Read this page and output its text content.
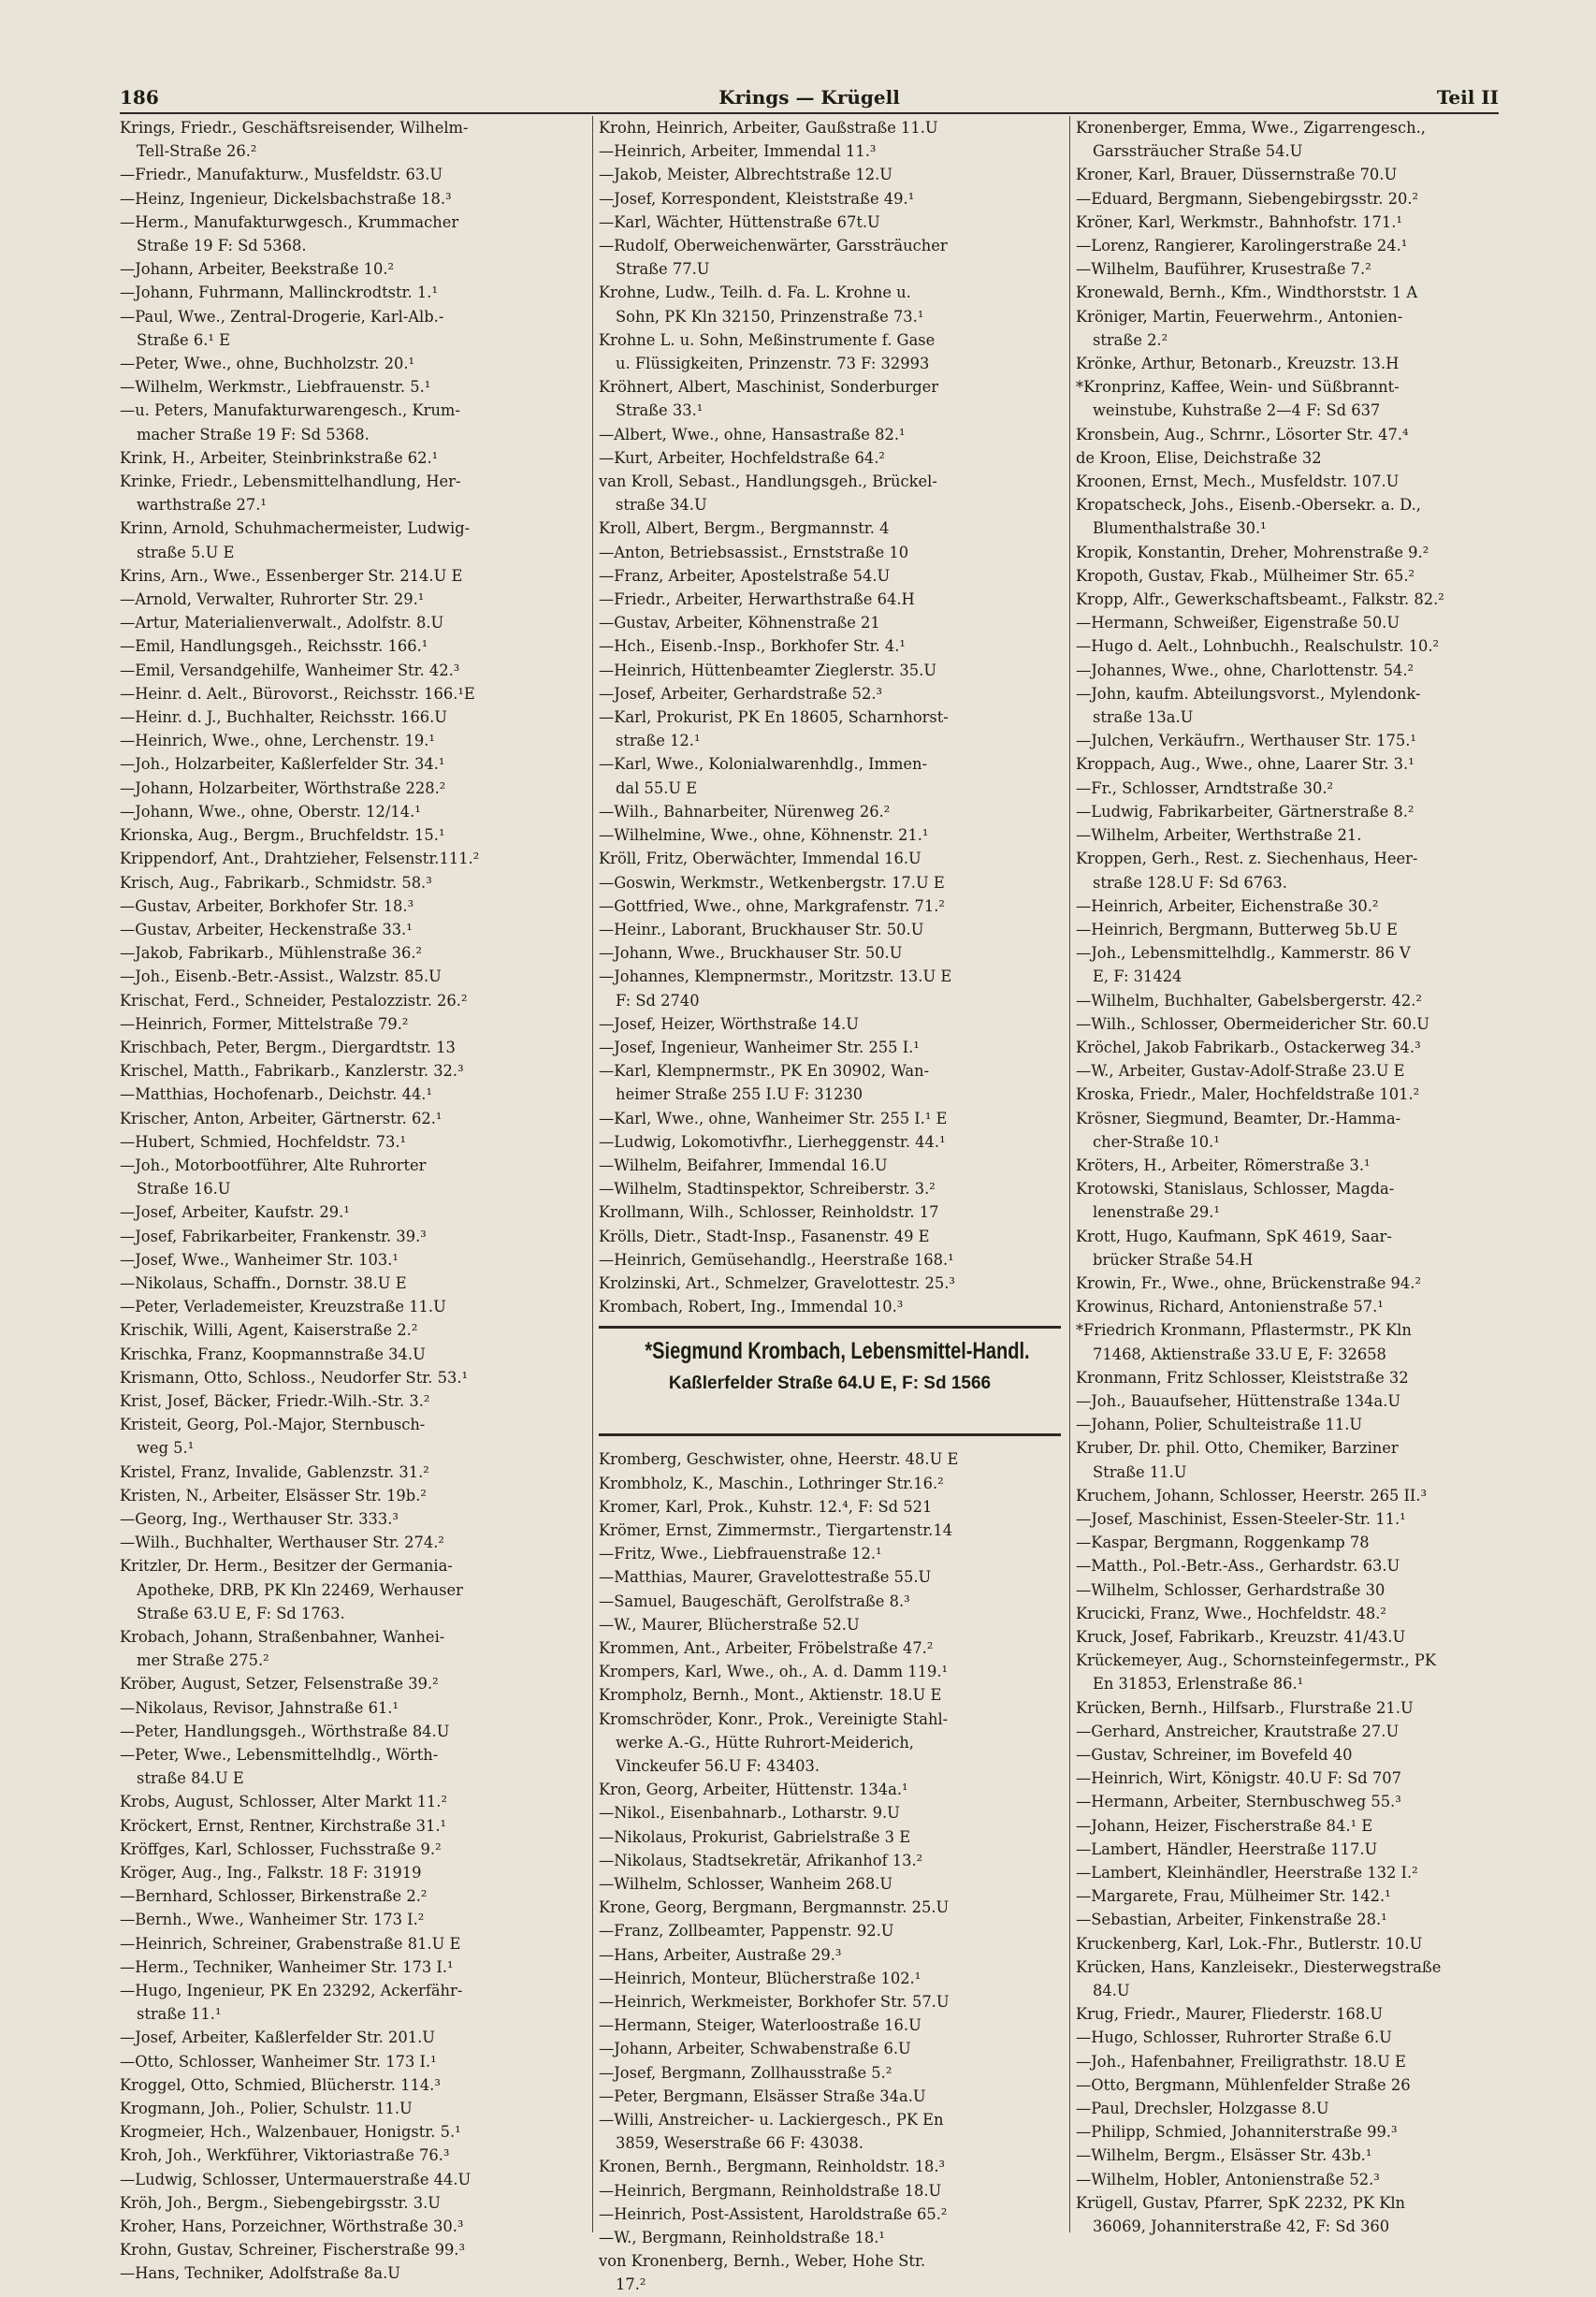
186	Krings — Krügell	Teil II
Krings, Friedr., Geschäftsreisender, Wilhelm-
Tell-Straße 26.²
—Friedr., Manufakturw., Musfeldstr. 63.U
—Heinz, Ingenieur, Dickelsbachstraße 18.³
—Herm., Manufakturwgesch., Krummacher
Straße 19 F: Sd 5368.
—Johann, Arbeiter, Beekstraße 10.²
—Johann, Fuhrmann, Mallinckrodtstr. 1.¹
—Paul, Wwe., Zentral-Drogerie, Karl-Alb.-
Straße 6.¹ E
—Peter, Wwe., ohne, Buchholzstr. 20.¹
—Wilhelm, Werkmstr., Liebfrauenstr. 5.¹
—u. Peters, Manufakturwarengesch., Krum-
macher Straße 19 F: Sd 5368.
Krink, H., Arbeiter, Steinbrinkstraße 62.¹
Krinke, Friedr., Lebensmittelhandlung, Her-
warthstraße 27.¹
Krinn, Arnold, Schuhmachermeister, Ludwig-
straße 5.U E
Krins, Arn., Wwe., Essenberger Str. 214.U E
—Arnold, Verwalter, Ruhrorter Str. 29.¹
—Artur, Materialienverwalt., Adolfstr. 8.U
—Emil, Handlungsgeh., Reichsstr. 166.¹
—Emil, Versandgehilfe, Wanheimer Str. 42.³
—Heinr. d. Aelt., Bürovorst., Reichsstr. 166.¹E
—Heinr. d. J., Buchhalter, Reichsstr. 166.U
—Heinrich, Wwe., ohne, Lerchenstr. 19.¹
—Joh., Holzarbeiter, Kaßlerfelder Str. 34.¹
—Johann, Holzarbeiter, Wörthstraße 228.²
—Johann, Wwe., ohne, Oberstr. 12/14.¹
Krionska, Aug., Bergm., Bruchfeldstr. 15.¹
Krippendorf, Ant., Drahtzieher, Felsenstr.111.²
Krisch, Aug., Fabrikarb., Schmidstr. 58.³
—Gustav, Arbeiter, Borkhofer Str. 18.³
—Gustav, Arbeiter, Heckenstraße 33.¹
—Jakob, Fabrikarb., Mühlenstraße 36.²
—Joh., Eisenb.-Betr.-Assist., Walzstr. 85.U
Krischat, Ferd., Schneider, Pestalozzistr. 26.²
—Heinrich, Former, Mittelstraße 79.²
Krischbach, Peter, Bergm., Diergardtstr. 13
Krischel, Matth., Fabrikarb., Kanzlerstr. 32.³
—Matthias, Hochofenarb., Deichstr. 44.¹
Krischer, Anton, Arbeiter, Gärtnerstr. 62.¹
—Hubert, Schmied, Hochfeldstr. 73.¹
—Joh., Motorbootführer, Alte Ruhrorter
Straße 16.U
—Josef, Arbeiter, Kaufstr. 29.¹
—Josef, Fabrikarbeiter, Frankenstr. 39.³
—Josef, Wwe., Wanheimer Str. 103.¹
—Nikolaus, Schaffn., Dornstr. 38.U E
—Peter, Verlademeister, Kreuzstraße 11.U
Krischik, Willi, Agent, Kaiserstraße 2.²
Krischka, Franz, Koopmannstraße 34.U
Krismann, Otto, Schloss., Neudorfer Str. 53.¹
Krist, Josef, Bäcker, Friedr.-Wilh.-Str. 3.²
Kristeit, Georg, Pol.-Major, Sternbusch-
weg 5.¹
Kristel, Franz, Invalide, Gablenzstr. 31.²
Kristen, N., Arbeiter, Elsässer Str. 19b.²
—Georg, Ing., Werthauser Str. 333.³
—Wilh., Buchhalter, Werthauser Str. 274.²
Kritzler, Dr. Herm., Besitzer der Germania-
Apotheke, DRB, PK Kln 22469, Werhauser
Straße 63.U E, F: Sd 1763.
Krobach, Johann, Straßenbahner, Wanhei-
mer Straße 275.²
Kröber, August, Setzer, Felsenstraße 39.²
—Nikolaus, Revisor, Jahnstraße 61.¹
—Peter, Handlungsgeh., Wörthstraße 84.U
—Peter, Wwe., Lebensmittelhdlg., Wörth-
straße 84.U E
Krobs, August, Schlosser, Alter Markt 11.²
Kröckert, Ernst, Rentner, Kirchstraße 31.¹
Kröffges, Karl, Schlosser, Fuchsstraße 9.²
Kröger, Aug., Ing., Falkstr. 18 F: 31919
—Bernhard, Schlosser, Birkenstraße 2.²
—Bernh., Wwe., Wanheimer Str. 173 I.²
—Heinrich, Schreiner, Grabenstraße 81.U E
—Herm., Techniker, Wanheimer Str. 173 I.¹
—Hugo, Ingenieur, PK En 23292, Ackerfähr-
straße 11.¹
—Josef, Arbeiter, Kaßlerfelder Str. 201.U
—Otto, Schlosser, Wanheimer Str. 173 I.¹
Kroggel, Otto, Schmied, Blücherstr. 114.³
Krogmann, Joh., Polier, Schulstr. 11.U
Krogmeier, Hch., Walzenbauer, Honigstr. 5.¹
Kroh, Joh., Werkführer, Viktoriastraße 76.³
—Ludwig, Schlosser, Untermauerstraße 44.U
Kröh, Joh., Bergm., Siebengebirgsstr. 3.U
Kroher, Hans, Porzeichner, Wörthstraße 30.³
Krohn, Gustav, Schreiner, Fischerstraße 99.³
—Hans, Techniker, Adolfstraße 8a.U
Krohn, Heinrich, Arbeiter, Gaußstraße 11.U
—Heinrich, Arbeiter, Immendal 11.³
—Jakob, Meister, Albrechtstraße 12.U
—Josef, Korrespondent, Kleiststraße 49.¹
—Karl, Wächter, Hüttenstraße 67t.U
—Rudolf, Oberweichenwärter, Garssträucher
Straße 77.U
Krohne, Ludw., Teilh. d. Fa. L. Krohne u.
Sohn, PK Kln 32150, Prinzenstraße 73.¹
Krohne L. u. Sohn, Meßinstrumente f. Gase
u. Flüssigkeiten, Prinzenstr. 73 F: 32993
Kröhnert, Albert, Maschinist, Sonderburger
Straße 33.¹
—Albert, Wwe., ohne, Hansastraße 82.¹
—Kurt, Arbeiter, Hochfeldstraße 64.²
van Kroll, Sebast., Handlungsgeh., Brückel-
straße 34.U
Kroll, Albert, Bergm., Bergmannstr. 4
—Anton, Betriebsassist., Ernststraße 10
—Franz, Arbeiter, Apostelstraße 54.U
—Friedr., Arbeiter, Herwarthstraße 64.H
—Gustav, Arbeiter, Köhnenstraße 21
—Hch., Eisenb.-Insp., Borkhofer Str. 4.¹
—Heinrich, Hüttenbeamter Zieglerstr. 35.U
—Josef, Arbeiter, Gerhardstraße 52.³
—Karl, Prokurist, PK En 18605, Scharnhorst-
straße 12.¹
—Karl, Wwe., Kolonialwarenhdlg., Immen-
dal 55.U E
—Wilh., Bahnarbeiter, Nürenweg 26.²
—Wilhelmine, Wwe., ohne, Köhnenstr. 21.¹
Kröll, Fritz, Oberwächter, Immendal 16.U
—Goswin, Werkmstr., Wetkenbergstr. 17.U E
—Gottfried, Wwe., ohne, Markgrafenstr. 71.²
—Heinr., Laborant, Bruckhauser Str. 50.U
—Johann, Wwe., Bruckhauser Str. 50.U
—Johannes, Klempnermstr., Moritzstr. 13.U E
F: Sd 2740
—Josef, Heizer, Wörthstraße 14.U
—Josef, Ingenieur, Wanheimer Str. 255 I.¹
—Karl, Klempnermstr., PK En 30902, Wan-
heimer Straße 255 I.U F: 31230
—Karl, Wwe., ohne, Wanheimer Str. 255 I.¹ E
—Ludwig, Lokomotivfhr., Lierheggenstr. 44.¹
—Wilhelm, Beifahrer, Immendal 16.U
—Wilhelm, Stadtinspektor, Schreiberstr. 3.²
Krollmann, Wilh., Schlosser, Reinholdstr. 17
Krölls, Dietr., Stadt-Insp., Fasanenstr. 49 E
—Heinrich, Gemüsehandlg., Heerstraße 168.¹
Krolzinski, Art., Schmelzer, Gravelottestr. 25.³
Krombach, Robert, Ing., Immendal 10.³
*Siegmund Krombach, Lebensmittel-Handl.
Kaßlerfelder Straße 64.U E, F: Sd 1566
Kromberg, Geschwister, ohne, Heerstr. 48.U E
Krombholz, K., Maschin., Lothringer Str.16.²
Kromer, Karl, Prok., Kuhstr. 12.⁴, F: Sd 521
Krömer, Ernst, Zimmermstr., Tiergartenstr.14
—Fritz, Wwe., Liebfrauenstraße 12.¹
—Matthias, Maurer, Gravelottestraße 55.U
—Samuel, Baugeschäft, Gerolfstraße 8.³
—W., Maurer, Blücherstraße 52.U
Krommen, Ant., Arbeiter, Fröbelstraße 47.²
Krompers, Karl, Wwe., oh., A. d. Damm 119.¹
Krompholz, Bernh., Mont., Aktienstr. 18.U E
Kromschröder, Konr., Prok., Vereinigte Stahl-
werke A.-G., Hütte Ruhrort-Meiderich,
Vinckeufer 56.U F: 43403.
Kron, Georg, Arbeiter, Hüttenstr. 134a.¹
—Nikol., Eisenbahnarb., Lotharstr. 9.U
—Nikolaus, Prokurist, Gabrielstraße 3 E
—Nikolaus, Stadtsekretär, Afrikanhof 13.²
—Wilhelm, Schlosser, Wanheim 268.U
Krone, Georg, Bergmann, Bergmannstr. 25.U
—Franz, Zollbeamter, Pappenstr. 92.U
—Hans, Arbeiter, Austraße 29.³
—Heinrich, Monteur, Blücherstraße 102.¹
—Heinrich, Werkmeister, Borkhofer Str. 57.U
—Hermann, Steiger, Waterloostraße 16.U
—Johann, Arbeiter, Schwabenstraße 6.U
—Josef, Bergmann, Zollhausstraße 5.²
—Peter, Bergmann, Elsässer Straße 34a.U
—Willi, Anstreicher- u. Lackiergesch., PK En
3859, Weserstraße 66 F: 43038.
Kronen, Bernh., Bergmann, Reinholdstr. 18.³
—Heinrich, Bergmann, Reinholdstraße 18.U
—Heinrich, Post-Assistent, Haroldstraße 65.²
—W., Bergmann, Reinholdstraße 18.¹
von Kronenberg, Bernh., Weber, Hohe Str.
17.²
Kronenberger, Emma, Wwe., Zigarrengesch.,
Garssträucher Straße 54.U
Kroner, Karl, Brauer, Düssernstraße 70.U
—Eduard, Bergmann, Siebengebirgsstr. 20.²
Kröner, Karl, Werkmstr., Bahnhofstr. 171.¹
—Lorenz, Rangierer, Karolingerstraße 24.¹
—Wilhelm, Bauführer, Krusestraße 7.²
Kronewald, Bernh., Kfm., Windthorststr. 1 A
Kröniger, Martin, Feuerwehrm., Antonien-
straße 2.²
Krönke, Arthur, Betonarb., Kreuzstr. 13.H
*Kronprinz, Kaffee, Wein- und Süßbrannt-
weinstube, Kuhstraße 2—4 F: Sd 637
Kronsbein, Aug., Schrnr., Lösorter Str. 47.⁴
de Kroon, Elise, Deichstraße 32
Kroonen, Ernst, Mech., Musfeldstr. 107.U
Kropatscheck, Johs., Eisenb.-Obersekr. a. D.,
Blumenthalstraße 30.¹
Kropik, Konstantin, Dreher, Mohrenstraße 9.²
Kropoth, Gustav, Fkab., Mülheimer Str. 65.²
Kropp, Alfr., Gewerkschaftsbeamt., Falkstr. 82.²
—Hermann, Schweißer, Eigenstraße 50.U
—Hugo d. Aelt., Lohnbuchh., Realschulstr. 10.²
—Johannes, Wwe., ohne, Charlottenstr. 54.²
—John, kaufm. Abteilungsvorst., Mylendonk-
straße 13a.U
—Julchen, Verkäufrn., Werthauser Str. 175.¹
Kroppach, Aug., Wwe., ohne, Laarer Str. 3.¹
—Fr., Schlosser, Arndtstraße 30.²
—Ludwig, Fabrikarbeiter, Gärtnerstraße 8.²
—Wilhelm, Arbeiter, Werthstraße 21.
Kroppen, Gerh., Rest. z. Siechenhaus, Heer-
straße 128.U F: Sd 6763.
—Heinrich, Arbeiter, Eichenstraße 30.²
—Heinrich, Bergmann, Butterweg 5b.U E
—Joh., Lebensmittelhdlg., Kammerstr. 86 V
E, F: 31424
—Wilhelm, Buchhalter, Gabelsbergerstr. 42.²
—Wilh., Schlosser, Obermeidericher Str. 60.U
Kröchel, Jakob Fabrikarb., Ostackerweg 34.³
—W., Arbeiter, Gustav-Adolf-Straße 23.U E
Kroska, Friedr., Maler, Hochfeldstraße 101.²
Krösner, Siegmund, Beamter, Dr.-Hamma-
cher-Straße 10.¹
Kröters, H., Arbeiter, Römerstraße 3.¹
Krotowski, Stanislaus, Schlosser, Magda-
lenenstraße 29.¹
Krott, Hugo, Kaufmann, SpK 4619, Saar-
brücker Straße 54.H
Krowin, Fr., Wwe., ohne, Brückenstraße 94.²
Krowinus, Richard, Antonienstraße 57.¹
*Friedrich Kronmann, Pflastermstr., PK Kln
71468, Aktienstraße 33.U E, F: 32658
Kronmann, Fritz Schlosser, Kleiststraße 32
—Joh., Bauaufseher, Hüttenstraße 134a.U
—Johann, Polier, Schulteistraße 11.U
Kruber, Dr. phil. Otto, Chemiker, Barziner
Straße 11.U
Kruchem, Johann, Schlosser, Heerstr. 265 II.³
—Josef, Maschinist, Essen-Steeler-Str. 11.¹
—Kaspar, Bergmann, Roggenkamp 78
—Matth., Pol.-Betr.-Ass., Gerhardstr. 63.U
—Wilhelm, Schlosser, Gerhardstraße 30
Krucicki, Franz, Wwe., Hochfeldstr. 48.²
Kruck, Josef, Fabrikarb., Kreuzstr. 41/43.U
Krückemeyer, Aug., Schornsteinfegermstr., PK
En 31853, Erlenstraße 86.¹
Krücken, Bernh., Hilfsarb., Flurstraße 21.U
—Gerhard, Anstreicher, Krautstraße 27.U
—Gustav, Schreiner, im Bovefeld 40
—Heinrich, Wirt, Königstr. 40.U F: Sd 707
—Hermann, Arbeiter, Sternbuschweg 55.³
—Johann, Heizer, Fischerstraße 84.¹ E
—Lambert, Händler, Heerstraße 117.U
—Lambert, Kleinhändler, Heerstraße 132 I.²
—Margarete, Frau, Mülheimer Str. 142.¹
—Sebastian, Arbeiter, Finkenstraße 28.¹
Kruckenberg, Karl, Lok.-Fhr., Butlerstr. 10.U
Krücken, Hans, Kanzleisekr., Diesterwegstraße
84.U
Krug, Friedr., Maurer, Fliederstr. 168.U
—Hugo, Schlosser, Ruhrorter Straße 6.U
—Joh., Hafenbahner, Freiligrathstr. 18.U E
—Otto, Bergmann, Mühlenfelder Straße 26
—Paul, Drechsler, Holzgasse 8.U
—Philipp, Schmied, Johanniterstraße 99.³
—Wilhelm, Bergm., Elsässer Str. 43b.¹
—Wilhelm, Hobler, Antonienstraße 52.³
Krügell, Gustav, Pfarrer, SpK 2232, PK Kln
36069, Johanniterstraße 42, F: Sd 360
